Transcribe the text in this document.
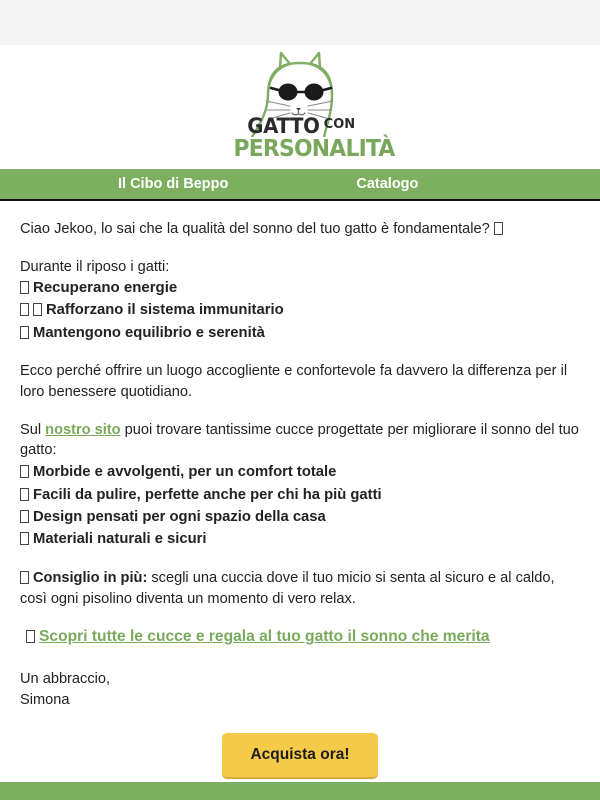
GATTO $^{CON}$
PERSONALITÀ
Il Cibo di Beppo	Catalogo

Ciao Jekoo, lo sai che la qualità del sonno del tuo gatto è fondamentale?

Durante il riposo i gatti:
Recuperano energie
Rafforzano il sistema immunitario
Mantengono equilibrio e serenità

Ecco perché offrire un luogo accogliente e confortevole fa davvero la differenza per il loro benessere quotidiano.

Sul nostro sito puoi trovare tantissime cucce progettate per migliorare il sonno del tuo gatto:
Morbide e avvolgenti, per un comfort totale
Facili da pulire, perfette anche per chi ha più gatti
Design pensati per ogni spazio della casa
Materiali naturali e sicuri

Consiglio in più: scegli una cuccia dove il tuo micio si senta al sicuro e al caldo, così ogni pisolino diventa un momento di vero relax.

Scopri tutte le cucce e regala al tuo gatto il sonno che merita

Un abbraccio,
Simona

Acquista ora!
